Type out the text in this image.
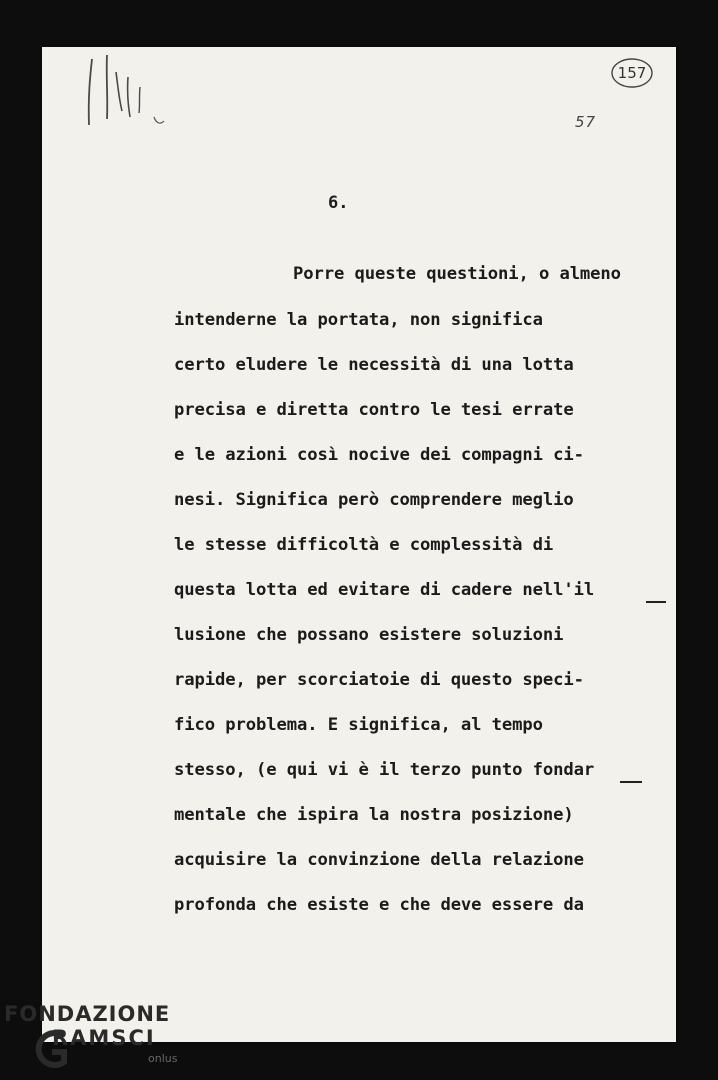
157
57
6.
Porre queste questioni, o almeno
intenderne la portata, non significa
certo eludere le necessità di una lotta
precisa e diretta contro le tesi errate
e le azioni così nocive dei compagni ci-
nesi. Significa però comprendere meglio
le stesse difficoltà e complessità di
questa lotta ed evitare di cadere nell'il
lusione che possano esistere soluzioni
rapide, per scorciatoie di questo speci-
fico problema. E significa, al tempo
stesso, (e qui vi è il terzo punto fondar
mentale che ispira la nostra posizione)
acquisire la convinzione della relazione
profonda che esiste e che deve essere da
FONDAZIONE
RAMSCI
onlus
